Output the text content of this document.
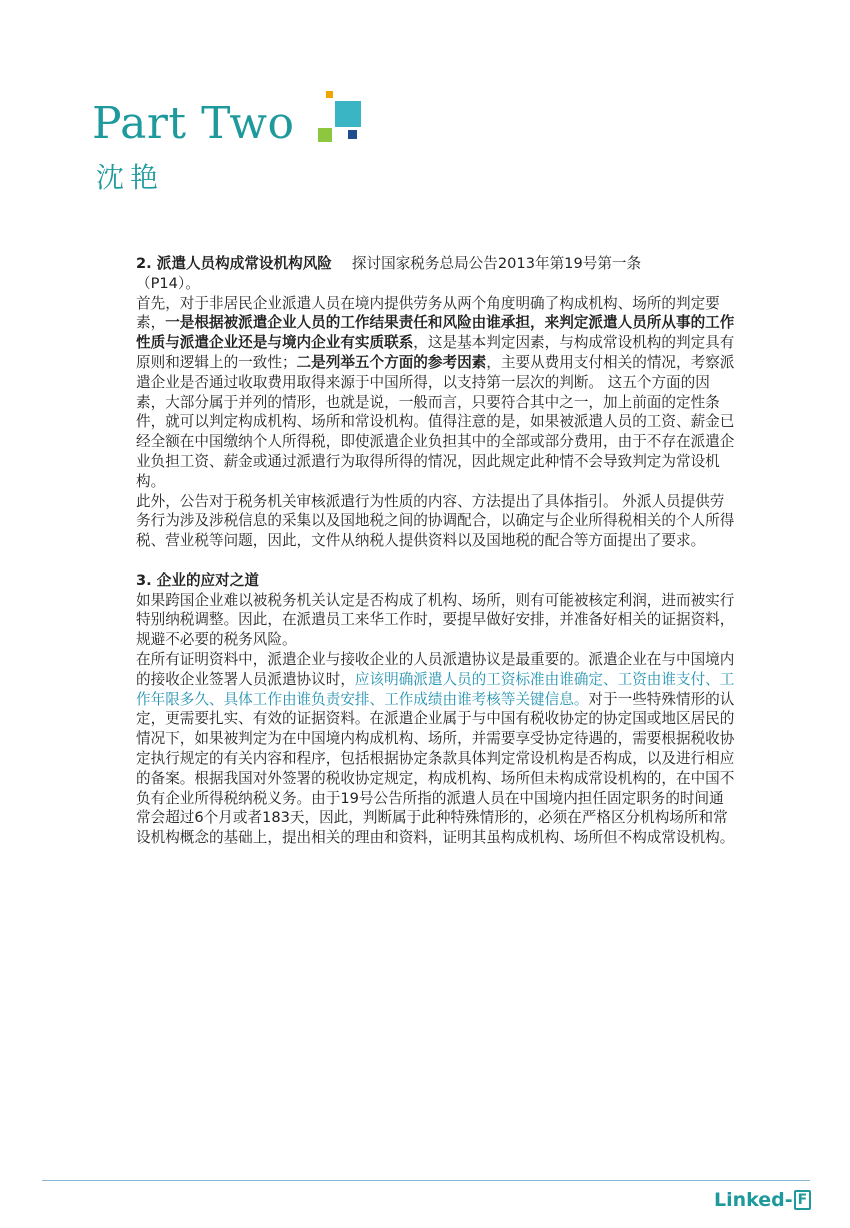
Part Two
沈艳

2. 派遣人员构成常设机构风险 探讨国家税务总局公告2013年第19号第一条

（P14）。

首先，对于非居民企业派遣人员在境内提供劳务从两个角度明确了构成机构、场所的判定要素，一是根据被派遣企业人员的工作结果责任和风险由谁承担，来判定派遣人员所从事的工作性质与派遣企业还是与境内企业有实质联系，这是基本判定因素，与构成常设机构的判定具有原则和逻辑上的一致性；二是列举五个方面的参考因素，主要从费用支付相关的情况，考察派遣企业是否通过收取费用取得来源于中国所得，以支持第一层次的判断。 这五个方面的因素，大部分属于并列的情形，也就是说，一般而言，只要符合其中之一，加上前面的定性条件，就可以判定构成机构、场所和常设机构。值得注意的是，如果被派遣人员的工资、薪金已经全额在中国缴纳个人所得税，即使派遣企业负担其中的全部或部分费用，由于不存在派遣企业负担工资、薪金或通过派遣行为取得所得的情况，因此规定此种情不会导致判定为常设机构。

此外，公告对于税务机关审核派遣行为性质的内容、方法提出了具体指引。 外派人员提供劳务行为涉及涉税信息的采集以及国地税之间的协调配合，以确定与企业所得税相关的个人所得税、营业税等问题，因此，文件从纳税人提供资料以及国地税的配合等方面提出了要求。

3. 企业的应对之道

如果跨国企业难以被税务机关认定是否构成了机构、场所，则有可能被核定利润，进而被实行特别纳税调整。因此，在派遣员工来华工作时，要提早做好安排，并准备好相关的证据资料，规避不必要的税务风险。

在所有证明资料中，派遣企业与接收企业的人员派遣协议是最重要的。派遣企业在与中国境内的接收企业签署人员派遣协议时，应该明确派遣人员的工资标准由谁确定、工资由谁支付、工作年限多久、具体工作由谁负责安排、工作成绩由谁考核等关键信息。对于一些特殊情形的认定，更需要扎实、有效的证据资料。在派遣企业属于与中国有税收协定的协定国或地区居民的情况下，如果被判定为在中国境内构成机构、场所，并需要享受协定待遇的，需要根据税收协定执行规定的有关内容和程序，包括根据协定条款具体判定常设机构是否构成，以及进行相应的备案。根据我国对外签署的税收协定规定，构成机构、场所但未构成常设机构的，在中国不负有企业所得税纳税义务。由于19号公告所指的派遣人员在中国境内担任固定职务的时间通常会超过6个月或者183天，因此，判断属于此种特殊情形的，必须在严格区分机构场所和常设机构概念的基础上，提出相关的理由和资料，证明其虽构成机构、场所但不构成常设机构。

Linked- F
